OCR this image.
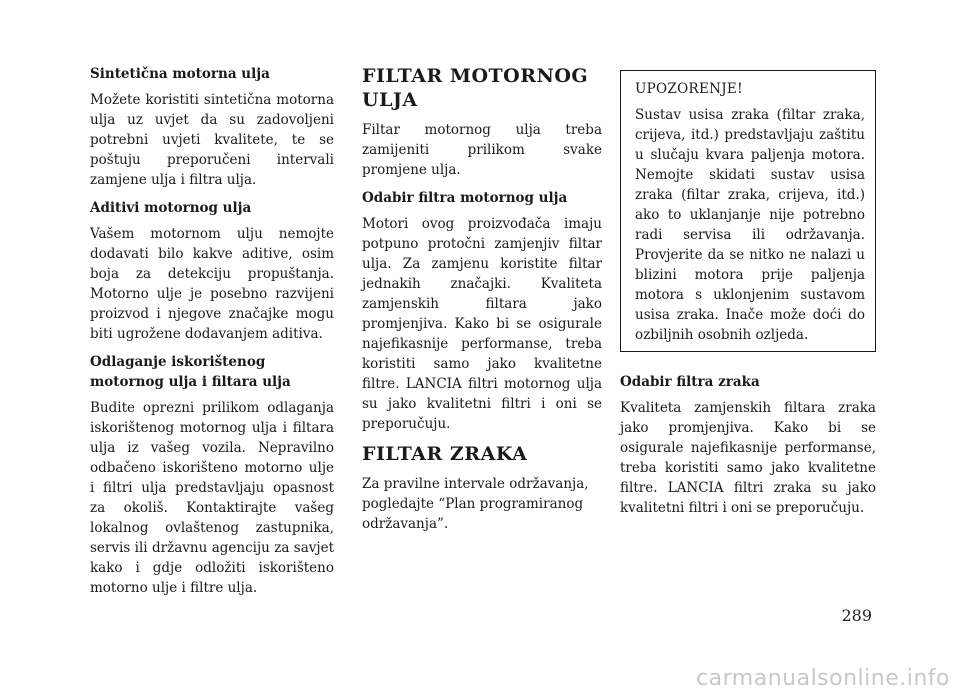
Sintetična motorna ulja
Možete koristiti sintetična motorna ulja uz uvjet da su zadovoljeni potrebni uvjeti kvalitete, te se poštuju preporučeni intervali zamjene ulja i filtra ulja.
Aditivi motornog ulja
Vašem motornom ulju nemojte dodavati bilo kakve aditive, osim boja za detekciju propuštanja. Motorno ulje je posebno razvijeni proizvod i njegove značajke mogu biti ugrožene dodavanjem aditiva.
Odlaganje iskorištenog motornog ulja i filtara ulja
Budite oprezni prilikom odlaganja iskorištenog motornog ulja i filtara ulja iz vašeg vozila. Nepravilno odbačeno iskorišteno motorno ulje i filtri ulja predstavljaju opasnost za okoliš. Kontaktirajte vašeg lokalnog ovlaštenog zastupnika, servis ili državnu agenciju za savjet kako i gdje odložiti iskorišteno motorno ulje i filtre ulja.
FILTAR MOTORNOG ULJA
Filtar motornog ulja treba zamijeniti prilikom svake promjene ulja.
Odabir filtra motornog ulja
Motori ovog proizvođača imaju potpuno protočni zamjenjiv filtar ulja. Za zamjenu koristite filtar jednakih značajki. Kvaliteta zamjenskih filtara jako promjenjiva. Kako bi se osigurale najefikasnije performanse, treba koristiti samo jako kvalitetne filtre. LANCIA filtri motornog ulja su jako kvalitetni filtri i oni se preporučuju.
FILTAR ZRAKA
Za pravilne intervale održavanja, pogledajte “Plan programiranog održavanja”.
UPOZORENJE!
Sustav usisa zraka (filtar zraka, crijeva, itd.) predstavljaju zaštitu u slučaju kvara paljenja motora. Nemojte skidati sustav usisa zraka (filtar zraka, crijeva, itd.) ako to uklanjanje nije potrebno radi servisa ili održavanja. Provjerite da se nitko ne nalazi u blizini motora prije paljenja motora s uklonjenim sustavom usisa zraka. Inače može doći do ozbiljnih osobnih ozljeda.
Odabir filtra zraka
Kvaliteta zamjenskih filtara zraka jako promjenjiva. Kako bi se osigurale najefikasnije performanse, treba koristiti samo jako kvalitetne filtre. LANCIA filtri zraka su jako kvalitetni filtri i oni se preporučuju.
289
carmanualsonline.info
